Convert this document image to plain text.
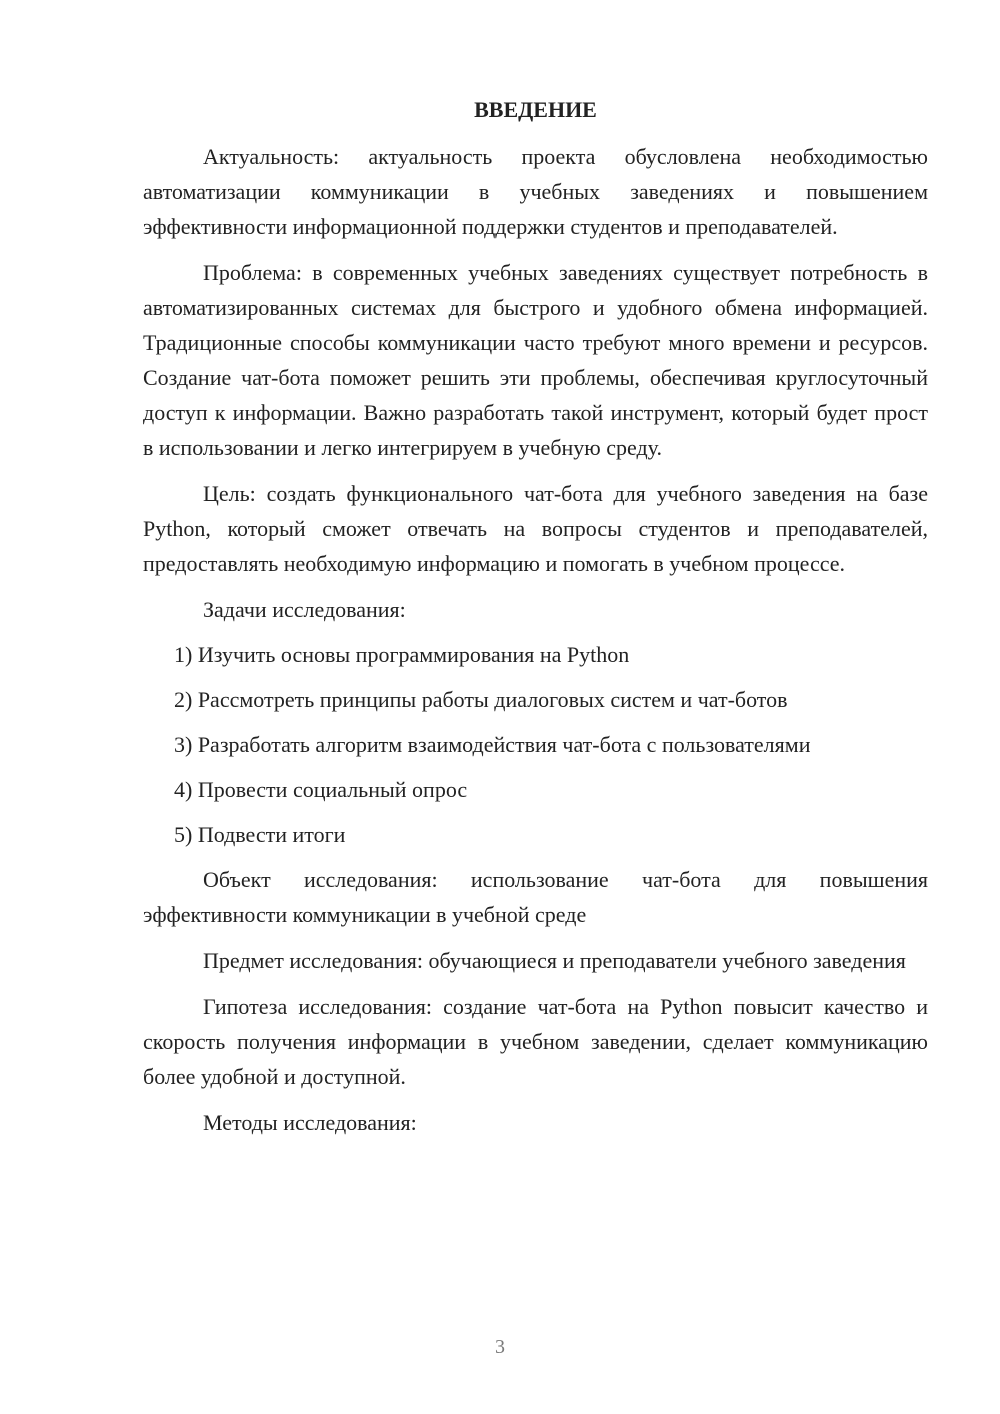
ВВЕДЕНИЕ

Актуальность: актуальность проекта обусловлена необходимостью автоматизации коммуникации в учебных заведениях и повышением эффективности информационной поддержки студентов и преподавателей.

Проблема: в современных учебных заведениях существует потребность в автоматизированных системах для быстрого и удобного обмена информацией. Традиционные способы коммуникации часто требуют много времени и ресурсов. Создание чат-бота поможет решить эти проблемы, обеспечивая круглосуточный доступ к информации. Важно разработать такой инструмент, который будет прост в использовании и легко интегрируем в учебную среду.

Цель: создать функционального чат-бота для учебного заведения на базе Python, который сможет отвечать на вопросы студентов и преподавателей, предоставлять необходимую информацию и помогать в учебном процессе.

Задачи исследования:

1) Изучить основы программирования на Python

2) Рассмотреть принципы работы диалоговых систем и чат-ботов

3) Разработать алгоритм взаимодействия чат-бота с пользователями

4) Провести социальный опрос

5) Подвести итоги

Объект исследования: использование чат-бота для повышения эффективности коммуникации в учебной среде

Предмет исследования: обучающиеся и преподаватели учебного заведения

Гипотеза исследования: создание чат-бота на Python повысит качество и скорость получения информации в учебном заведении, сделает коммуникацию более удобной и доступной.

Методы исследования:

3
